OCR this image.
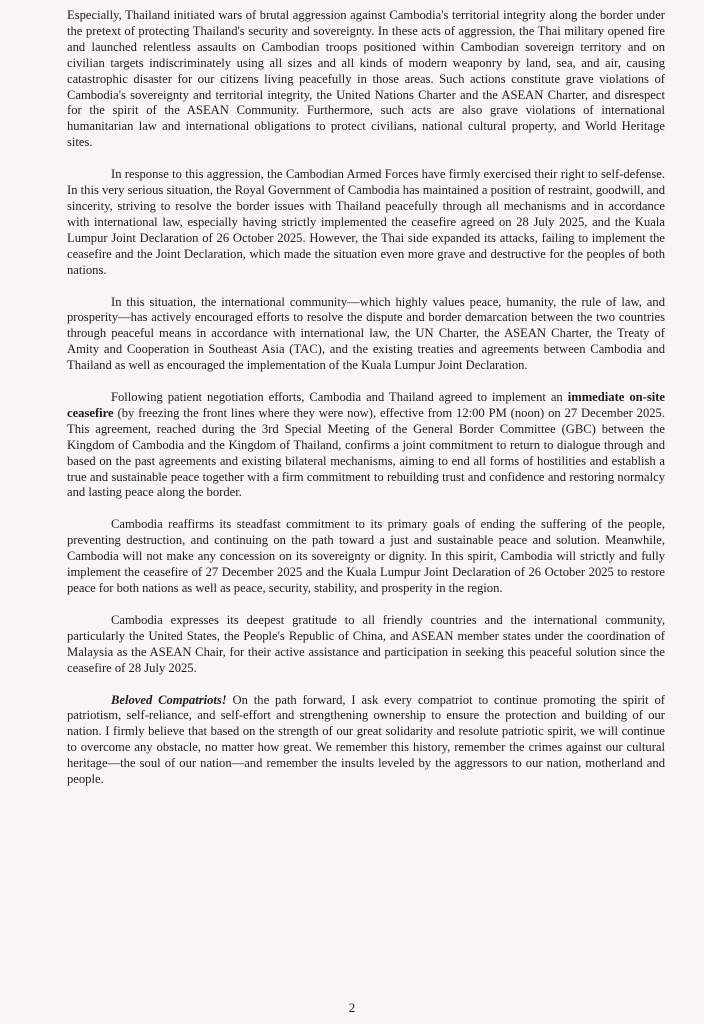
Especially, Thailand initiated wars of brutal aggression against Cambodia's territorial integrity along the border under the pretext of protecting Thailand's security and sovereignty. In these acts of aggression, the Thai military opened fire and launched relentless assaults on Cambodian troops positioned within Cambodian sovereign territory and on civilian targets indiscriminately using all sizes and all kinds of modern weaponry by land, sea, and air, causing catastrophic disaster for our citizens living peacefully in those areas. Such actions constitute grave violations of Cambodia's sovereignty and territorial integrity, the United Nations Charter and the ASEAN Charter, and disrespect for the spirit of the ASEAN Community. Furthermore, such acts are also grave violations of international humanitarian law and international obligations to protect civilians, national cultural property, and World Heritage sites.

In response to this aggression, the Cambodian Armed Forces have firmly exercised their right to self-defense. In this very serious situation, the Royal Government of Cambodia has maintained a position of restraint, goodwill, and sincerity, striving to resolve the border issues with Thailand peacefully through all mechanisms and in accordance with international law, especially having strictly implemented the ceasefire agreed on 28 July 2025, and the Kuala Lumpur Joint Declaration of 26 October 2025. However, the Thai side expanded its attacks, failing to implement the ceasefire and the Joint Declaration, which made the situation even more grave and destructive for the peoples of both nations.

In this situation, the international community—which highly values peace, humanity, the rule of law, and prosperity—has actively encouraged efforts to resolve the dispute and border demarcation between the two countries through peaceful means in accordance with international law, the UN Charter, the ASEAN Charter, the Treaty of Amity and Cooperation in Southeast Asia (TAC), and the existing treaties and agreements between Cambodia and Thailand as well as encouraged the implementation of the Kuala Lumpur Joint Declaration.

Following patient negotiation efforts, Cambodia and Thailand agreed to implement an immediate on-site ceasefire (by freezing the front lines where they were now), effective from 12:00 PM (noon) on 27 December 2025. This agreement, reached during the 3rd Special Meeting of the General Border Committee (GBC) between the Kingdom of Cambodia and the Kingdom of Thailand, confirms a joint commitment to return to dialogue through and based on the past agreements and existing bilateral mechanisms, aiming to end all forms of hostilities and establish a true and sustainable peace together with a firm commitment to rebuilding trust and confidence and restoring normalcy and lasting peace along the border.

Cambodia reaffirms its steadfast commitment to its primary goals of ending the suffering of the people, preventing destruction, and continuing on the path toward a just and sustainable peace and solution. Meanwhile, Cambodia will not make any concession on its sovereignty or dignity. In this spirit, Cambodia will strictly and fully implement the ceasefire of 27 December 2025 and the Kuala Lumpur Joint Declaration of 26 October 2025 to restore peace for both nations as well as peace, security, stability, and prosperity in the region.

Cambodia expresses its deepest gratitude to all friendly countries and the international community, particularly the United States, the People's Republic of China, and ASEAN member states under the coordination of Malaysia as the ASEAN Chair, for their active assistance and participation in seeking this peaceful solution since the ceasefire of 28 July 2025.

Beloved Compatriots! On the path forward, I ask every compatriot to continue promoting the spirit of patriotism, self-reliance, and self-effort and strengthening ownership to ensure the protection and building of our nation. I firmly believe that based on the strength of our great solidarity and resolute patriotic spirit, we will continue to overcome any obstacle, no matter how great. We remember this history, remember the crimes against our cultural heritage—the soul of our nation—and remember the insults leveled by the aggressors to our nation, motherland and people.

2
